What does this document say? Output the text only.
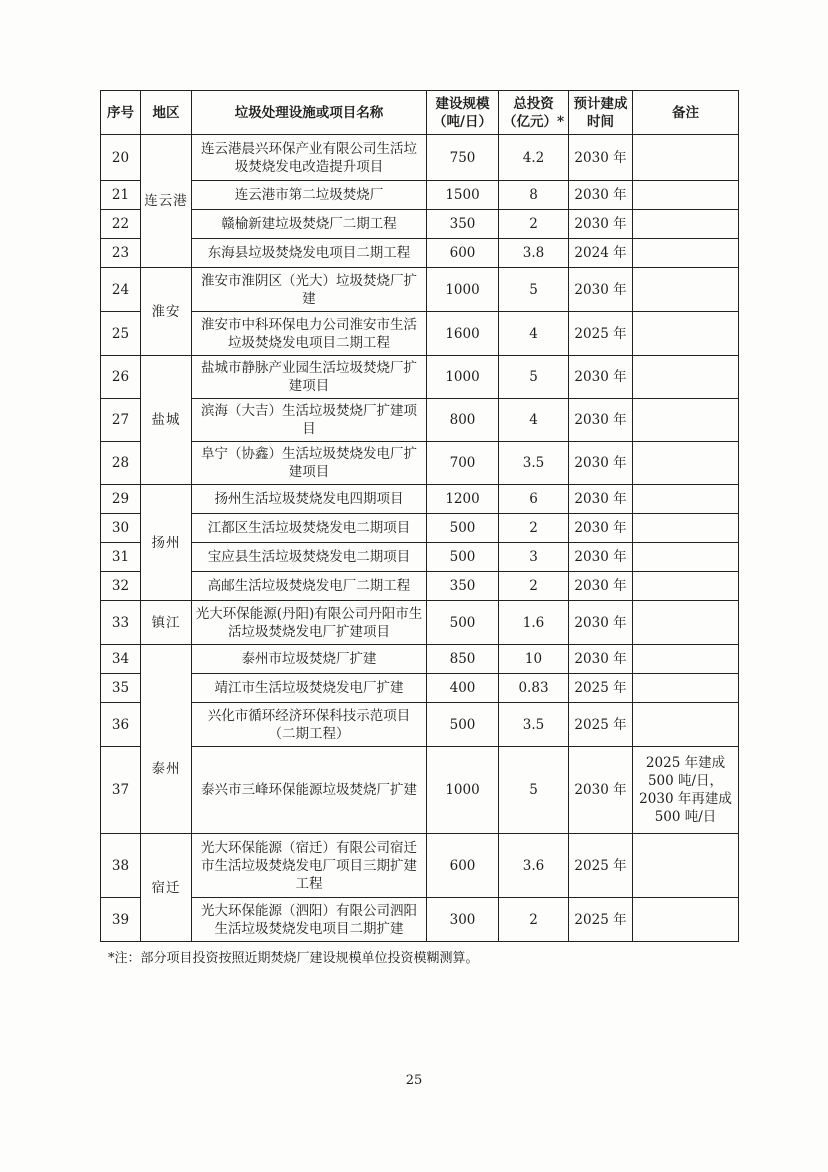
序号	地区	垃圾处理设施或项目名称	建设规模（吨/日）	总投资（亿元）*	预计建成时间	备注
20	连云港	连云港晨兴环保产业有限公司生活垃圾焚烧发电改造提升项目	750	4.2	2030 年	
21		连云港市第二垃圾焚烧厂	1500	8	2030 年	
22		赣榆新建垃圾焚烧厂二期工程	350	2	2030 年	
23		东海县垃圾焚烧发电项目二期工程	600	3.8	2024 年	
24	淮安	淮安市淮阴区（光大）垃圾焚烧厂扩建	1000	5	2030 年	
25		淮安市中科环保电力公司淮安市生活垃圾焚烧发电项目二期工程	1600	4	2025 年	
26	盐城	盐城市静脉产业园生活垃圾焚烧厂扩建项目	1000	5	2030 年	
27		滨海（大吉）生活垃圾焚烧厂扩建项目	800	4	2030 年	
28		阜宁（协鑫）生活垃圾焚烧发电厂扩建项目	700	3.5	2030 年	
29	扬州	扬州生活垃圾焚烧发电四期项目	1200	6	2030 年	
30		江都区生活垃圾焚烧发电二期项目	500	2	2030 年	
31		宝应县生活垃圾焚烧发电二期项目	500	3	2030 年	
32		高邮生活垃圾焚烧发电厂二期工程	350	2	2030 年	
33	镇江	光大环保能源(丹阳)有限公司丹阳市生活垃圾焚烧发电厂扩建项目	500	1.6	2030 年	
34	泰州	泰州市垃圾焚烧厂扩建	850	10	2030 年	
35		靖江市生活垃圾焚烧发电厂扩建	400	0.83	2025 年	
36		兴化市循环经济环保科技示范项目（二期工程）	500	3.5	2025 年	
37		泰兴市三峰环保能源垃圾焚烧厂扩建	1000	5	2030 年	2025 年建成 500 吨/日，2030 年再建成 500 吨/日
38	宿迁	光大环保能源（宿迁）有限公司宿迁市生活垃圾焚烧发电厂项目三期扩建工程	600	3.6	2025 年	
39		光大环保能源（泗阳）有限公司泗阳生活垃圾焚烧发电项目二期扩建	300	2	2025 年	
*注：部分项目投资按照近期焚烧厂建设规模单位投资模糊测算。
25
